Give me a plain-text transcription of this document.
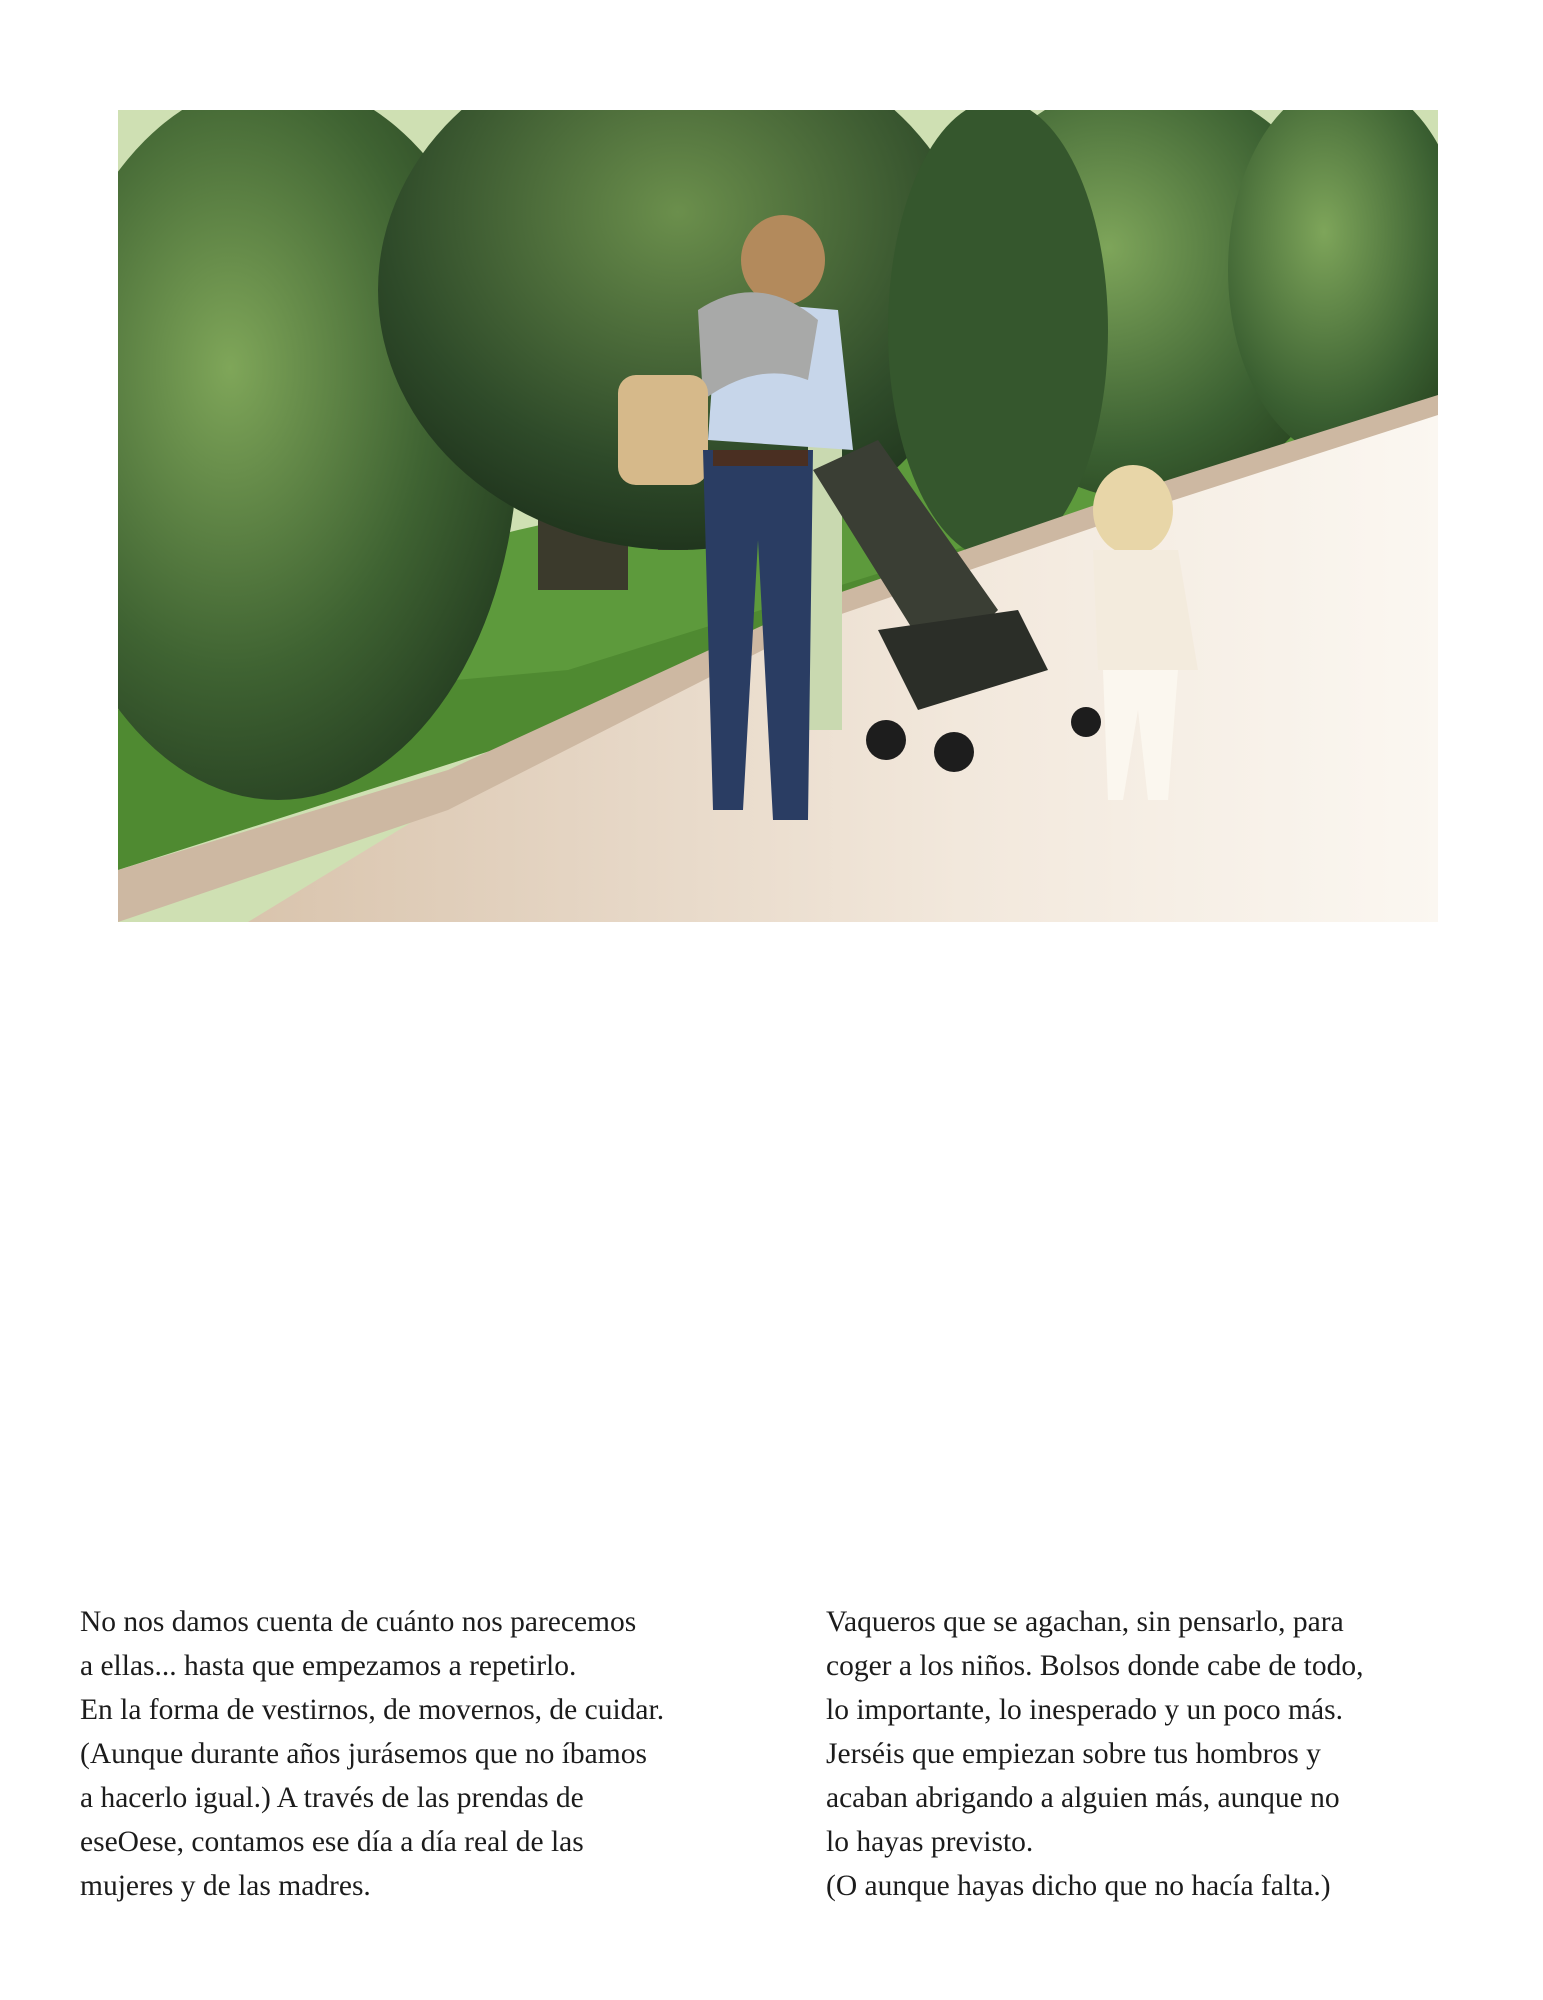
No nos damos cuenta de cuánto nos parecemos

a ellas... hasta que empezamos a repetirlo.

En la forma de vestirnos, de movernos, de cuidar.

(Aunque durante años jurásemos que no íbamos

a hacerlo igual.) A través de las prendas de

eseOese, contamos ese día a día real de las

mujeres y de las madres.

Vaqueros que se agachan, sin pensarlo, para

coger a los niños. Bolsos donde cabe de todo,

lo importante, lo inesperado y un poco más.

Jerséis que empiezan sobre tus hombros y

acaban abrigando a alguien más, aunque no

lo hayas previsto.

(O aunque hayas dicho que no hacía falta.)
